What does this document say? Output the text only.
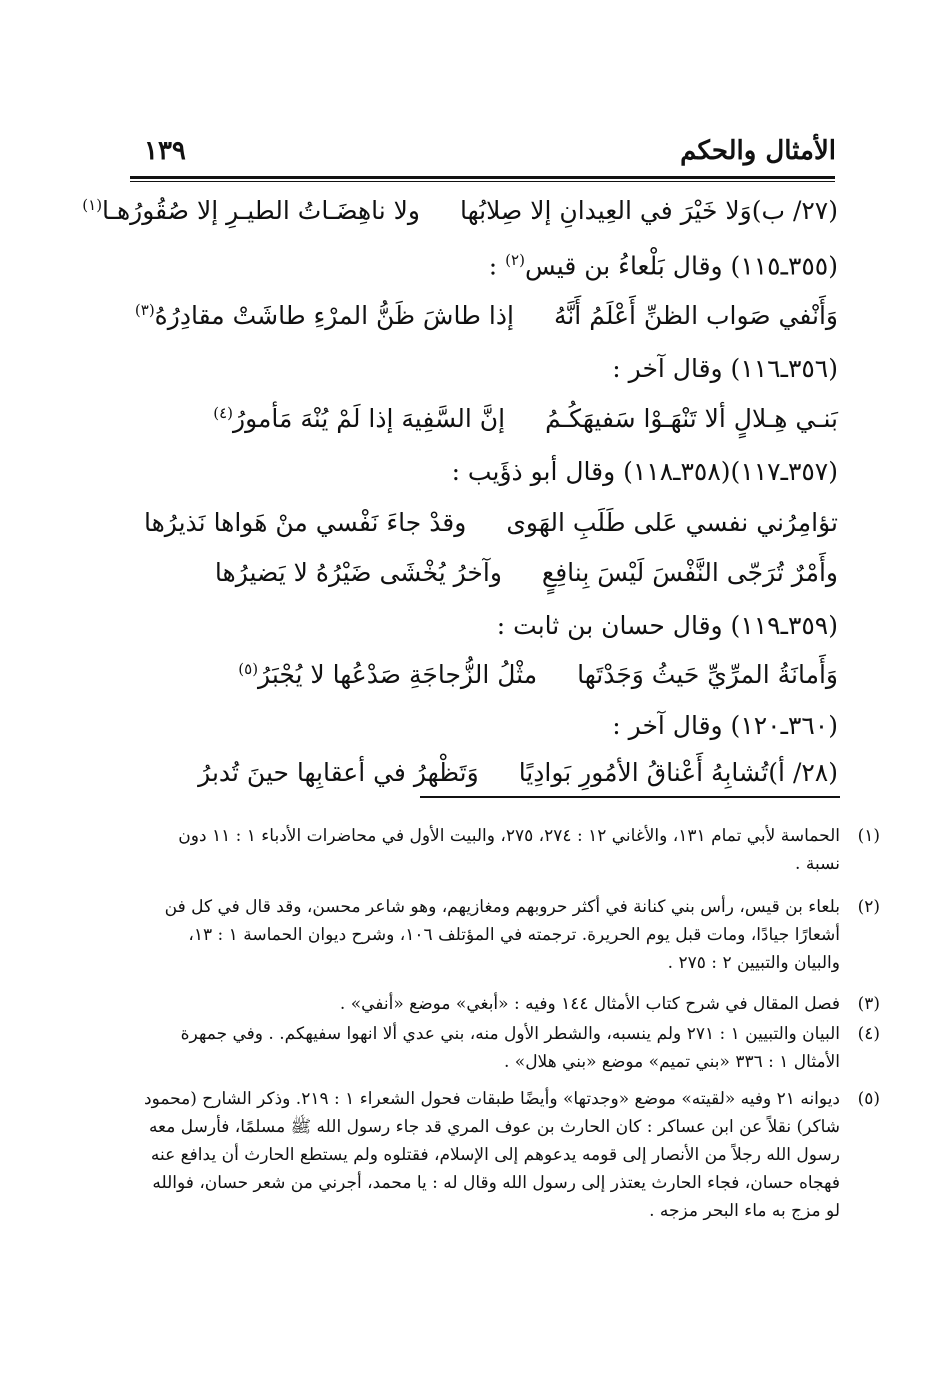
الأمثال والحكم
١٣٩
(٢٧/ ب)وَلا خَيْرَ في العِيدانِ إلا صِلابُها
ولا ناهِضَـاتُ الطيـرِ إلا صُقُورُهـا
(١)
(٣٥٥ـ١١٥) وقال بَلْعاءُ بن قيس$^{(٢)}$ :
وَأَنْفي صَواب الظنِّ أَعْلَمُ أَنَّهُ
إذا طاشَ ظَنُّ المرْءِ طاشَتْ مقادِرُهُ
(٣)
(٣٥٦ـ١١٦) وقال آخر :
بَنـي هِـلالٍ ألا تَنْهَـوْا سَفيهَكُـمُ
إنَّ السَّفِيهَ إذا لَمْ يُنْهَ مَأمورُ
(٤)
(٣٥٧ـ١١٧)(٣٥٨ـ١١٨) وقال أبو ذؤَيب :
تؤامِرُني نفسي عَلى طَلَبِ الهَوى
وقدْ جاءَ نَفْسي منْ هَواها نَذيرُها
وأَمْرٌ تُرَجّى النَّفْسَ لَيْسَ بِنافِعٍ
وآخرُ يُخْشَى ضَيْرُهُ لا يَضيرُها
(٣٥٩ـ١١٩) وقال حسان بن ثابت :
وَأَمانَةُ المرِّيِّ حَيثُ وَجَدْتَها
مثْلُ الزُّجاجَةِ صَدْعُها لا يُجْبَرُ
(٥)
(٣٦٠ـ١٢٠) وقال آخر :
(٢٨/ أ)تُشابِهُ أَعْناقُ الأمُورِ بَوادِيًا
وَتَظْهرُ في أعقابِها حينَ تُدبرُ
(١)
الحماسة لأبي تمام ١٣١، والأغاني ١٢ : ٢٧٤، ٢٧٥، والبيت الأول في محاضرات الأدباء ١ : ١١ دون نسبة .
(٢)
بلعاء بن قيس، رأس بني كنانة في أكثر حروبهم ومغازيهم، وهو شاعر محسن، وقد قال في كل فن أشعارًا جيادًا، ومات قبل يوم الحريرة. ترجمته في المؤتلف ١٠٦، وشرح ديوان الحماسة ١ : ١٣، والبيان والتبيين ٢ : ٢٧٥ .
(٣)
فصل المقال في شرح كتاب الأمثال ١٤٤ وفيه : «أبغي» موضع «أنفي» .
(٤)
البيان والتبيين ١ : ٢٧١ ولم ينسبه، والشطر الأول منه، بني عدي ألا انهوا سفيهكم. . وفي جمهرة الأمثال ١ : ٣٣٦ «بني تميم» موضع «بني هلال» .
(٥)
ديوانه ٢١ وفيه «لقيته» موضع «وجدتها» وأيضًا طبقات فحول الشعراء ١ : ٢١٩. وذكر الشارح (محمود شاكر) نقلاً عن ابن عساكر : كان الحارث بن عوف المري قد جاء رسول الله ﷺ مسلمًا، فأرسل معه رسول الله رجلاً من الأنصار إلى قومه يدعوهم إلى الإسلام، فقتلوه ولم يستطع الحارث أن يدافع عنه فهجاه حسان، فجاء الحارث يعتذر إلى رسول الله وقال له : يا محمد، أجرني من شعر حسان، فوالله لو مزج به ماء البحر مزجه .
